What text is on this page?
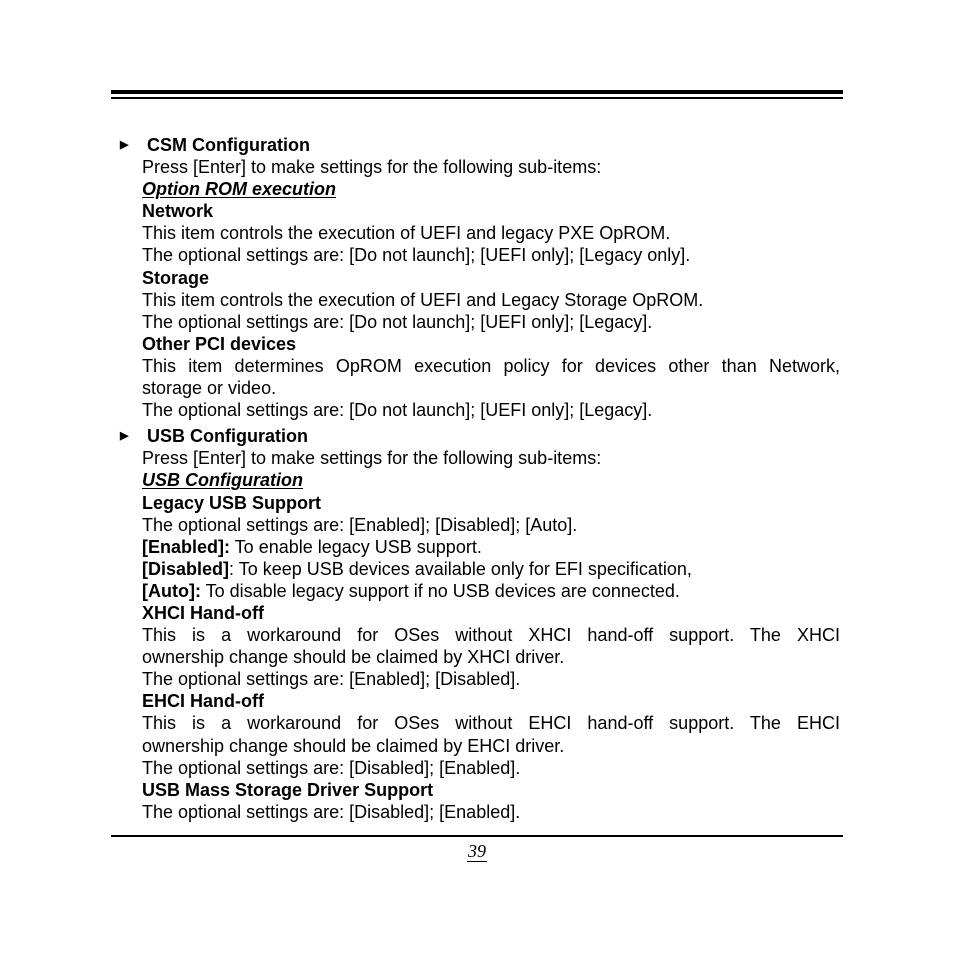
▶ CSM Configuration
Press [Enter] to make settings for the following sub-items:
Option ROM execution
Network
This item controls the execution of UEFI and legacy PXE OpROM.
The optional settings are: [Do not launch]; [UEFI only]; [Legacy only].
Storage
This item controls the execution of UEFI and Legacy Storage OpROM.
The optional settings are: [Do not launch]; [UEFI only]; [Legacy].
Other PCI devices
This item determines OpROM execution policy for devices other than Network,
storage or video.
The optional settings are: [Do not launch]; [UEFI only]; [Legacy].
▶ USB Configuration
Press [Enter] to make settings for the following sub-items:
USB Configuration
Legacy USB Support
The optional settings are: [Enabled]; [Disabled]; [Auto].
[Enabled]: To enable legacy USB support.
[Disabled]: To keep USB devices available only for EFI specification,
[Auto]: To disable legacy support if no USB devices are connected.
XHCI Hand-off
This is a workaround for OSes without XHCI hand-off support. The XHCI
ownership change should be claimed by XHCI driver.
The optional settings are: [Enabled]; [Disabled].
EHCI Hand-off
This is a workaround for OSes without EHCI hand-off support. The EHCI
ownership change should be claimed by EHCI driver.
The optional settings are: [Disabled]; [Enabled].
USB Mass Storage Driver Support
The optional settings are: [Disabled]; [Enabled].
39
